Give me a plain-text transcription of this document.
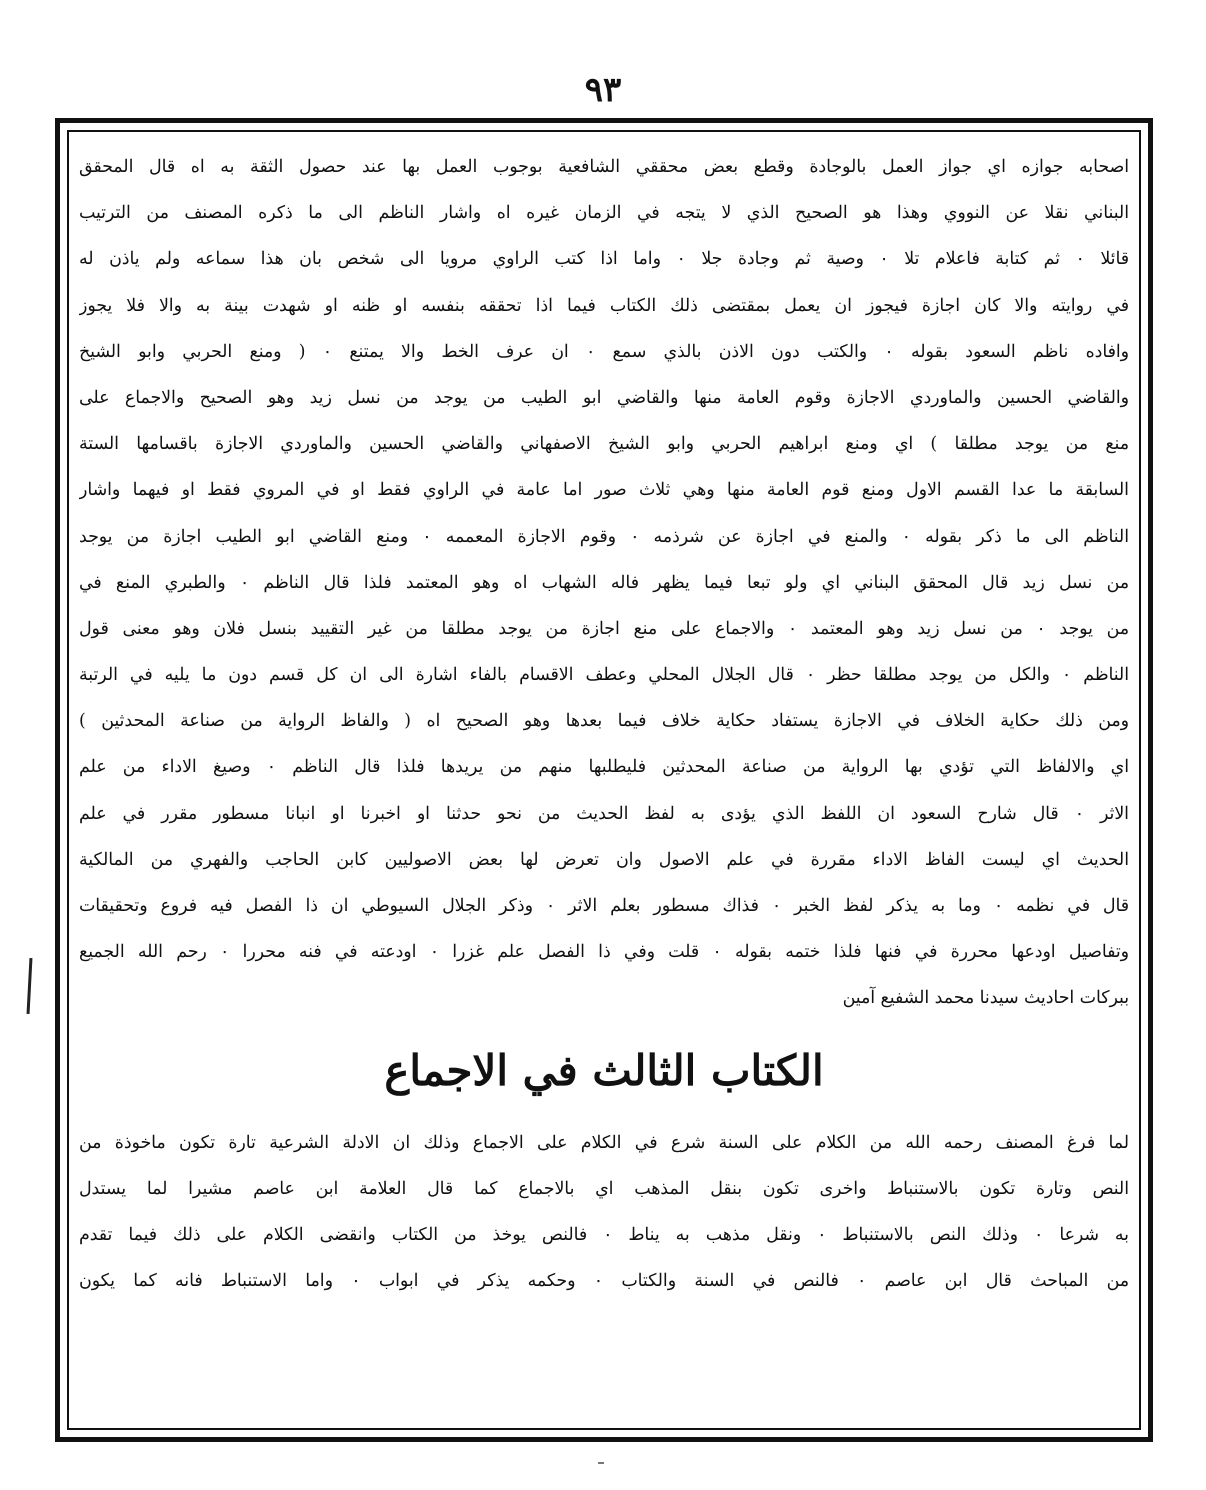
٩٣
اصحابه جوازه اي جواز العمل بالوجادة وقطع بعض محققي الشافعية بوجوب العمل بها عند حصول الثقة به اه قال المحقق
البناني نقلا عن النووي وهذا هو الصحيح الذي لا يتجه في الزمان غيره اه واشار الناظم الى ما ذكره المصنف من الترتيب
قائلا ٠ ثم كتابة فاعلام تلا ٠ وصية ثم وجادة جلا ٠ واما اذا كتب الراوي مرويا الى شخص بان هذا سماعه ولم ياذن له
في روايته والا كان اجازة فيجوز ان يعمل بمقتضى ذلك الكتاب فيما اذا تحققه بنفسه او ظنه او شهدت بينة به والا فلا يجوز
وافاده ناظم السعود بقوله ٠ والكتب دون الاذن بالذي سمع ٠ ان عرف الخط والا يمتنع ٠ ( ومنع الحربي وابو الشيخ
والقاضي الحسين والماوردي الاجازة وقوم العامة منها والقاضي ابو الطيب من يوجد من نسل زيد وهو الصحيح والاجماع على
منع من يوجد مطلقا ) اي ومنع ابراهيم الحربي وابو الشيخ الاصفهاني والقاضي الحسين والماوردي الاجازة باقسامها الستة
السابقة ما عدا القسم الاول ومنع قوم العامة منها وهي ثلاث صور اما عامة في الراوي فقط او في المروي فقط او فيهما واشار
الناظم الى ما ذكر بقوله ٠ والمنع في اجازة عن شرذمه ٠ وقوم الاجازة المعممه ٠ ومنع القاضي ابو الطيب اجازة من يوجد
من نسل زيد قال المحقق البناني اي ولو تبعا فيما يظهر فاله الشهاب اه وهو المعتمد فلذا قال الناظم ٠ والطبري المنع في
من يوجد ٠ من نسل زيد وهو المعتمد ٠ والاجماع على منع اجازة من يوجد مطلقا من غير التقييد بنسل فلان وهو معنى قول
الناظم ٠ والكل من يوجد مطلقا حظر ٠ قال الجلال المحلي وعطف الاقسام بالفاء اشارة الى ان كل قسم دون ما يليه في الرتبة
ومن ذلك حكاية الخلاف في الاجازة يستفاد حكاية خلاف فيما بعدها وهو الصحيح اه ( والفاظ الرواية من صناعة المحدثين )
اي والالفاظ التي تؤدي بها الرواية من صناعة المحدثين فليطلبها منهم من يريدها فلذا قال الناظم ٠ وصيغ الاداء من علم
الاثر ٠ قال شارح السعود ان اللفظ الذي يؤدى به لفظ الحديث من نحو حدثنا او اخبرنا او انبانا مسطور مقرر في علم
الحديث اي ليست الفاظ الاداء مقررة في علم الاصول وان تعرض لها بعض الاصوليين كابن الحاجب والفهري من المالكية
قال في نظمه ٠ وما به يذكر لفظ الخبر ٠ فذاك مسطور بعلم الاثر ٠ وذكر الجلال السيوطي ان ذا الفصل فيه فروع وتحقيقات
وتفاصيل اودعها محررة في فنها فلذا ختمه بقوله ٠ قلت وفي ذا الفصل علم غزرا ٠ اودعته في فنه محررا ٠ رحم الله الجميع
ببركات احاديث سيدنا محمد الشفيع آمين
الكتاب الثالث في الاجماع
لما فرغ المصنف رحمه الله من الكلام على السنة شرع في الكلام على الاجماع وذلك ان الادلة الشرعية تارة تكون ماخوذة من
النص وتارة تكون بالاستنباط واخرى تكون بنقل المذهب اي بالاجماع كما قال العلامة ابن عاصم مشيرا لما يستدل
به شرعا ٠ وذلك النص بالاستنباط ٠ ونقل مذهب به يناط ٠ فالنص يوخذ من الكتاب وانقضى الكلام على ذلك فيما تقدم
من المباحث قال ابن عاصم ٠ فالنص في السنة والكتاب ٠ وحكمه يذكر في ابواب ٠ واما الاستنباط فانه كما يكون
